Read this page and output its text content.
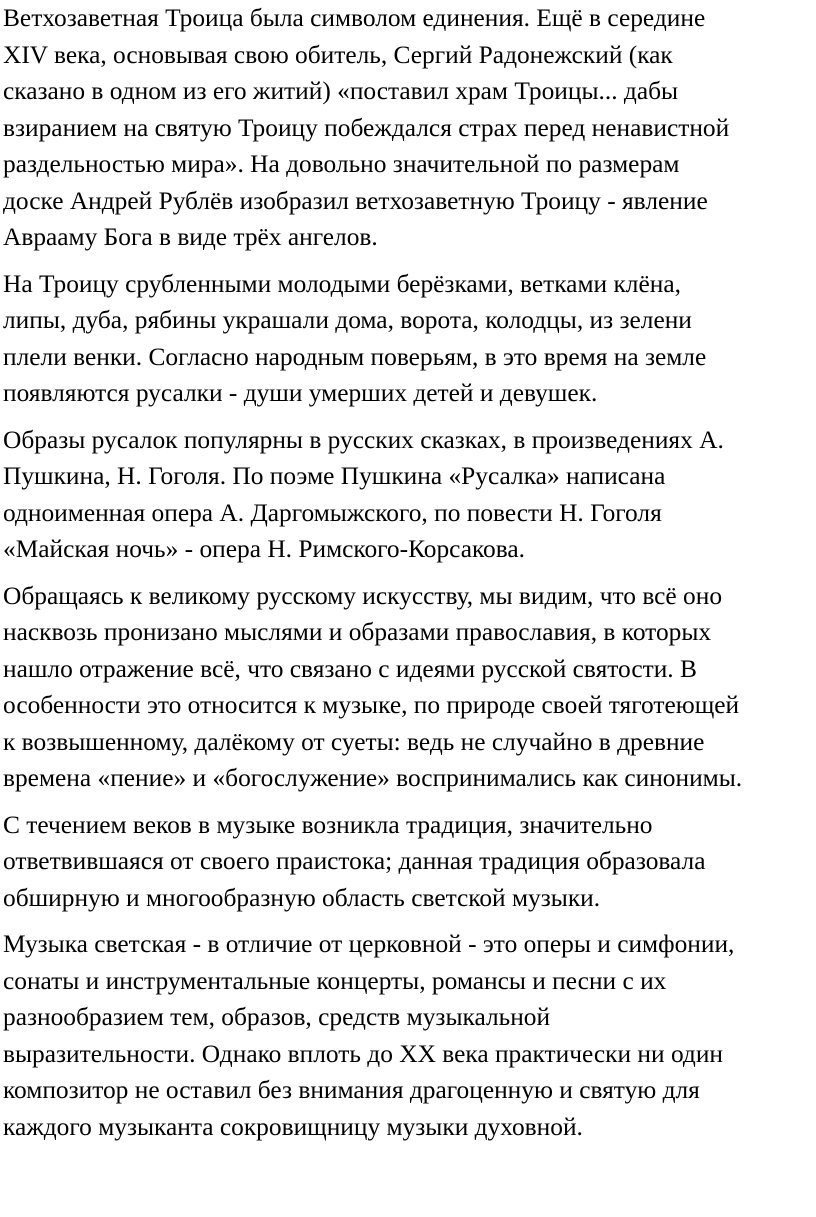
Ветхозаветная Троица была символом единения. Ещё в середине
XIV века, основывая свою обитель, Сергий Радонежский (как
сказано в одном из его житий) «поставил храм Троицы... дабы
взиранием на святую Троицу побеждался страх перед ненавистной
раздельностью мира». На довольно значительной по размерам
доске Андрей Рублёв изобразил ветхозаветную Троицу - явление
Аврааму Бога в виде трёх ангелов.

На Троицу срубленными молодыми берёзками, ветками клёна,
липы, дуба, рябины украшали дома, ворота, колодцы, из зелени
плели венки. Согласно народным поверьям, в это время на земле
появляются русалки - души умерших детей и девушек.

Образы русалок популярны в русских сказках, в произведениях А.
Пушкина, Н. Гоголя. По поэме Пушкина «Русалка» написана
одноименная опера А. Даргомыжского, по повести Н. Гоголя
«Майская ночь» - опера Н. Римского-Корсакова.

Обращаясь к великому русскому искусству, мы видим, что всё оно
насквозь пронизано мыслями и образами православия, в которых
нашло отражение всё, что связано с идеями русской святости. В
особенности это относится к музыке, по природе своей тяготеющей
к возвышенному, далёкому от суеты: ведь не случайно в древние
времена «пение» и «богослужение» воспринимались как синонимы.

С течением веков в музыке возникла традиция, значительно
ответвившаяся от своего праистока; данная традиция образовала
обширную и многообразную область светской музыки.

Музыка светская - в отличие от церковной - это оперы и симфонии,
сонаты и инструментальные концерты, романсы и песни с их
разнообразием тем, образов, средств музыкальной
выразительности. Однако вплоть до XX века практически ни один
композитор не оставил без внимания драгоценную и святую для
каждого музыканта сокровищницу музыки духовной.
